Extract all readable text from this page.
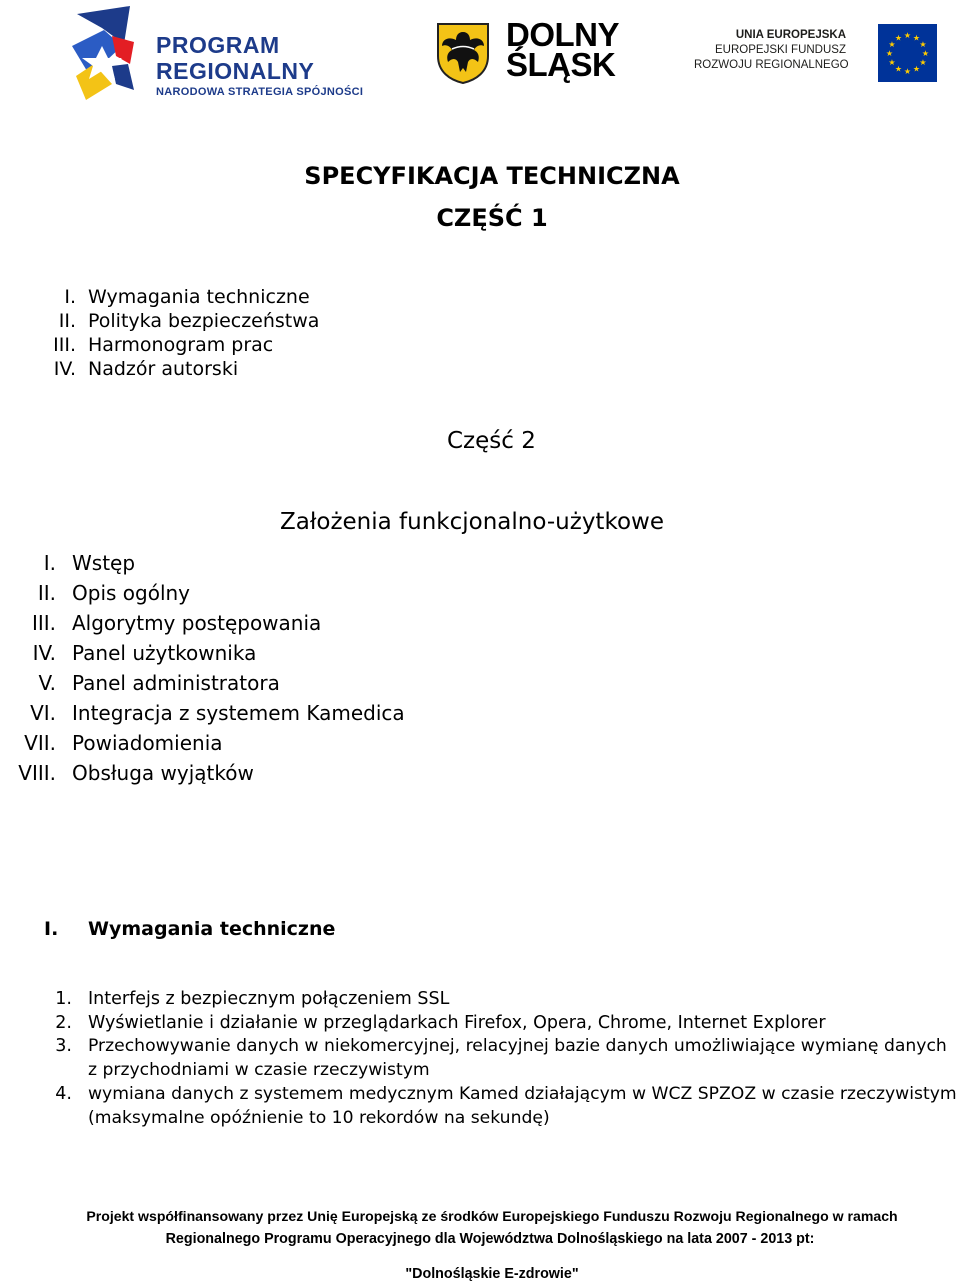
PROGRAM
REGIONALNY
NARODOWA STRATEGIA SPÓJNOŚCI
DOLNY
ŚLĄSK
UNIA EUROPEJSKA
EUROPEJSKI FUNDUSZ
ROZWOJU REGIONALNEGO
★ ★
★
★
★
★
★
★
★
★
★
★
SPECYFIKACJA TECHNICZNA
CZĘŚĆ 1
I. Wymagania techniczne
II. Polityka bezpieczeństwa
III. Harmonogram prac
IV. Nadzór autorski
Część 2
Założenia funkcjonalno-użytkowe
I. Wstęp
II. Opis ogólny
III. Algorytmy postępowania
IV. Panel użytkownika
V. Panel administratora
VI. Integracja z systemem Kamedica
VII. Powiadomienia
VIII. Obsługa wyjątków
I. Wymagania techniczne
1. Interfejs z bezpiecznym połączeniem SSL
2. Wyświetlanie i działanie w przeglądarkach Firefox, Opera, Chrome, Internet Explorer
3. Przechowywanie danych w niekomercyjnej, relacyjnej bazie danych umożliwiające wymianę danych z przychodniami w czasie rzeczywistym
4. wymiana danych z systemem medycznym Kamed działającym w WCZ SPZOZ w czasie rzeczywistym (maksymalne opóźnienie to 10 rekordów na sekundę)
Projekt współfinansowany przez Unię Europejską ze środków Europejskiego Funduszu Rozwoju Regionalnego w ramach
Regionalnego Programu Operacyjnego dla Województwa Dolnośląskiego na lata 2007 - 2013 pt:
"Dolnośląskie E-zdrowie"
